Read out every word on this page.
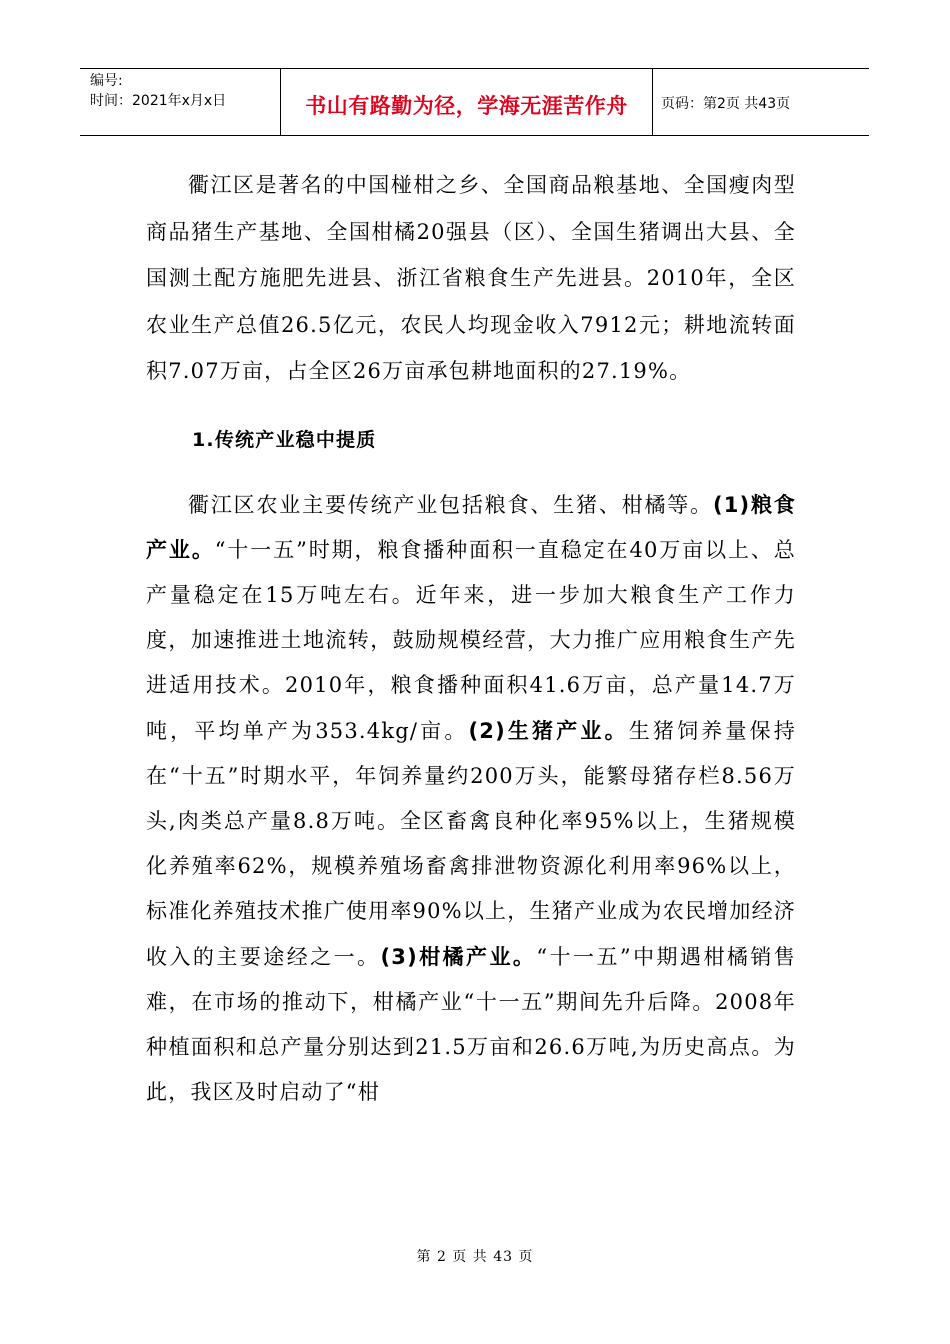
编号:
时间：2021年x月x日	书山有路勤为径，学海无涯苦作舟 页码：第2页 共43页

衢江区是著名的中国椪柑之乡、全国商品粮基地、全国瘦肉型商品猪生产基地、全国柑橘20强县（区）、全国生猪调出大县、全国测土配方施肥先进县、浙江省粮食生产先进县。2010年，全区农业生产总值26.5亿元，农民人均现金收入7912元；耕地流转面积7.07万亩，占全区26万亩承包耕地面积的27.19%。

1.传统产业稳中提质

衢江区农业主要传统产业包括粮食、生猪、柑橘等。(1)粮食产业。“十一五”时期，粮食播种面积一直稳定在40万亩以上、总产量稳定在15万吨左右。近年来，进一步加大粮食生产工作力度，加速推进土地流转，鼓励规模经营，大力推广应用粮食生产先进适用技术。2010年，粮食播种面积41.6万亩，总产量14.7万吨，平均单产为353.4kg/亩。(2)生猪产业。生猪饲养量保持在“十五”时期水平，年饲养量约200万头，能繁母猪存栏8.56万头,肉类总产量8.8万吨。全区畜禽良种化率95%以上，生猪规模化养殖率62%，规模养殖场畜禽排泄物资源化利用率96%以上，标准化养殖技术推广使用率90%以上，生猪产业成为农民增加经济收入的主要途经之一。(3)柑橘产业。“十一五”中期遇柑橘销售难，在市场的推动下，柑橘产业“十一五”期间先升后降。2008年种植面积和总产量分别达到21.5万亩和26.6万吨,为历史高点。为此，我区及时启动了“柑

第 2 页 共 43 页
